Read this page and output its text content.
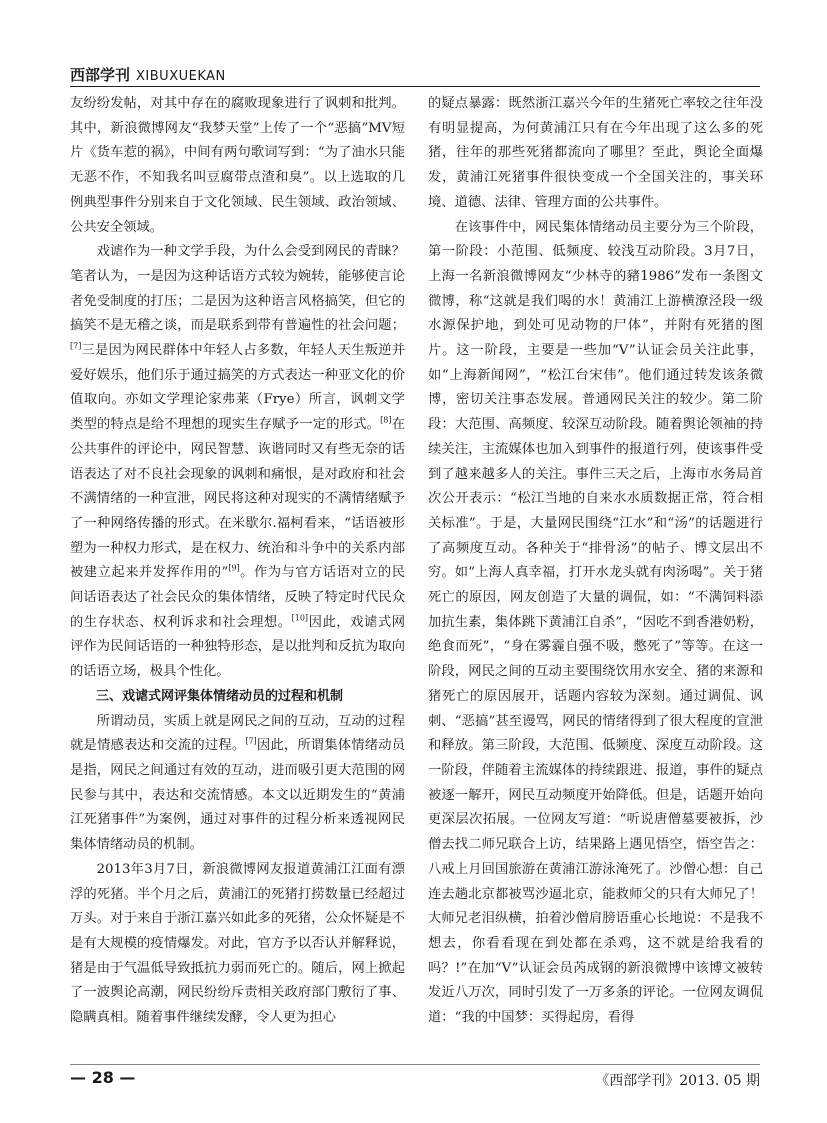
西部学刊 XIBUXUEKAN

友纷纷发帖，对其中存在的腐败现象进行了讽刺和批判。其中，新浪微博网友“我梦天堂”上传了一个“恶搞”MV短片《货车惹的祸》，中间有两句歌词写到：“为了油水只能无恶不作，不知我名叫豆腐带点渣和臭”。以上选取的几例典型事件分别来自于文化领域、民生领域、政治领域、公共安全领域。

戏谑作为一种文学手段，为什么会受到网民的青睐？笔者认为，一是因为这种话语方式较为婉转，能够使言论者免受制度的打压；二是因为这种语言风格搞笑，但它的搞笑不是无稽之谈，而是联系到带有普遍性的社会问题；[7]三是因为网民群体中年轻人占多数，年轻人天生叛逆并爱好娱乐，他们乐于通过搞笑的方式表达一种亚文化的价值取向。亦如文学理论家弗莱（Frye）所言，讽刺文学类型的特点是给不理想的现实生存赋予一定的形式。[8]在公共事件的评论中，网民智慧、诙谐同时又有些无奈的话语表达了对不良社会现象的讽刺和痛恨，是对政府和社会不满情绪的一种宣泄，网民将这种对现实的不满情绪赋予了一种网络传播的形式。在米歇尔.福柯看来，“话语被形塑为一种权力形式，是在权力、统治和斗争中的关系内部被建立起来并发挥作用的”[9]。作为与官方话语对立的民间话语表达了社会民众的集体情绪，反映了特定时代民众的生存状态、权利诉求和社会理想。[10]因此，戏谑式网评作为民间话语的一种独特形态，是以批判和反抗为取向的话语立场，极具个性化。

三、戏谑式网评集体情绪动员的过程和机制

所谓动员，实质上就是网民之间的互动，互动的过程就是情感表达和交流的过程。[7]因此，所谓集体情绪动员是指，网民之间通过有效的互动，进而吸引更大范围的网民参与其中，表达和交流情感。本文以近期发生的“黄浦江死猪事件”为案例，通过对事件的过程分析来透视网民集体情绪动员的机制。

2013年3月7日，新浪微博网友报道黄浦江江面有漂浮的死猪。半个月之后，黄浦江的死猪打捞数量已经超过万头。对于来自于浙江嘉兴如此多的死猪，公众怀疑是不是有大规模的疫情爆发。对此，官方予以否认并解释说，猪是由于气温低导致抵抗力弱而死亡的。随后，网上掀起了一波舆论高潮，网民纷纷斥责相关政府部门敷衍了事、隐瞒真相。随着事件继续发酵，令人更为担心

的疑点暴露：既然浙江嘉兴今年的生猪死亡率较之往年没有明显提高，为何黄浦江只有在今年出现了这么多的死猪，往年的那些死猪都流向了哪里？至此，舆论全面爆发，黄浦江死猪事件很快变成一个全国关注的，事关环境、道德、法律、管理方面的公共事件。

在该事件中，网民集体情绪动员主要分为三个阶段，第一阶段：小范围、低频度、较浅互动阶段。3月7日，上海一名新浪微博网友“少林寺的豬1986”发布一条图文微博，称“这就是我们喝的水！黄浦江上游横潦泾段一级水源保护地，到处可见动物的尸体”，并附有死猪的图片。这一阶段，主要是一些加“V”认证会员关注此事，如“上海新闻网”，“松江台宋伟”。他们通过转发该条微博，密切关注事态发展。普通网民关注的较少。第二阶段：大范围、高频度、较深互动阶段。随着舆论领袖的持续关注，主流媒体也加入到事件的报道行列，使该事件受到了越来越多人的关注。事件三天之后，上海市水务局首次公开表示：“松江当地的自来水水质数据正常，符合相关标准”。于是，大量网民围绕“江水”和“汤”的话题进行了高频度互动。各种关于“排骨汤”的帖子、博文层出不穷。如“上海人真幸福，打开水龙头就有肉汤喝”。关于猪死亡的原因，网友创造了大量的调侃，如：“不满饲料添加抗生素，集体跳下黄浦江自杀”，“因吃不到香港奶粉，绝食而死”，“身在雾霾自强不吸，憋死了”等等。在这一阶段，网民之间的互动主要围绕饮用水安全、猪的来源和猪死亡的原因展开，话题内容较为深刻。通过调侃、讽刺、“恶搞”甚至谩骂，网民的情绪得到了很大程度的宣泄和释放。第三阶段，大范围、低频度、深度互动阶段。这一阶段，伴随着主流媒体的持续跟进、报道，事件的疑点被逐一解开，网民互动频度开始降低。但是，话题开始向更深层次拓展。一位网友写道：“听说唐僧墓要被拆，沙僧去找二师兄联合上访，结果路上遇见悟空，悟空告之：八戒上月回国旅游在黄浦江游泳淹死了。沙僧心想：自己连去趟北京都被骂沙逼北京，能救师父的只有大师兄了！大师兄老泪纵横，拍着沙僧肩膀语重心长地说：不是我不想去，你看看现在到处都在杀鸡，这不就是给我看的吗？!”在加“V”认证会员芮成钢的新浪微博中该博文被转发近八万次，同时引发了一万多条的评论。一位网友调侃道：“我的中国梦：买得起房，看得

— 28 —	《西部学刊》2013. 05 期
